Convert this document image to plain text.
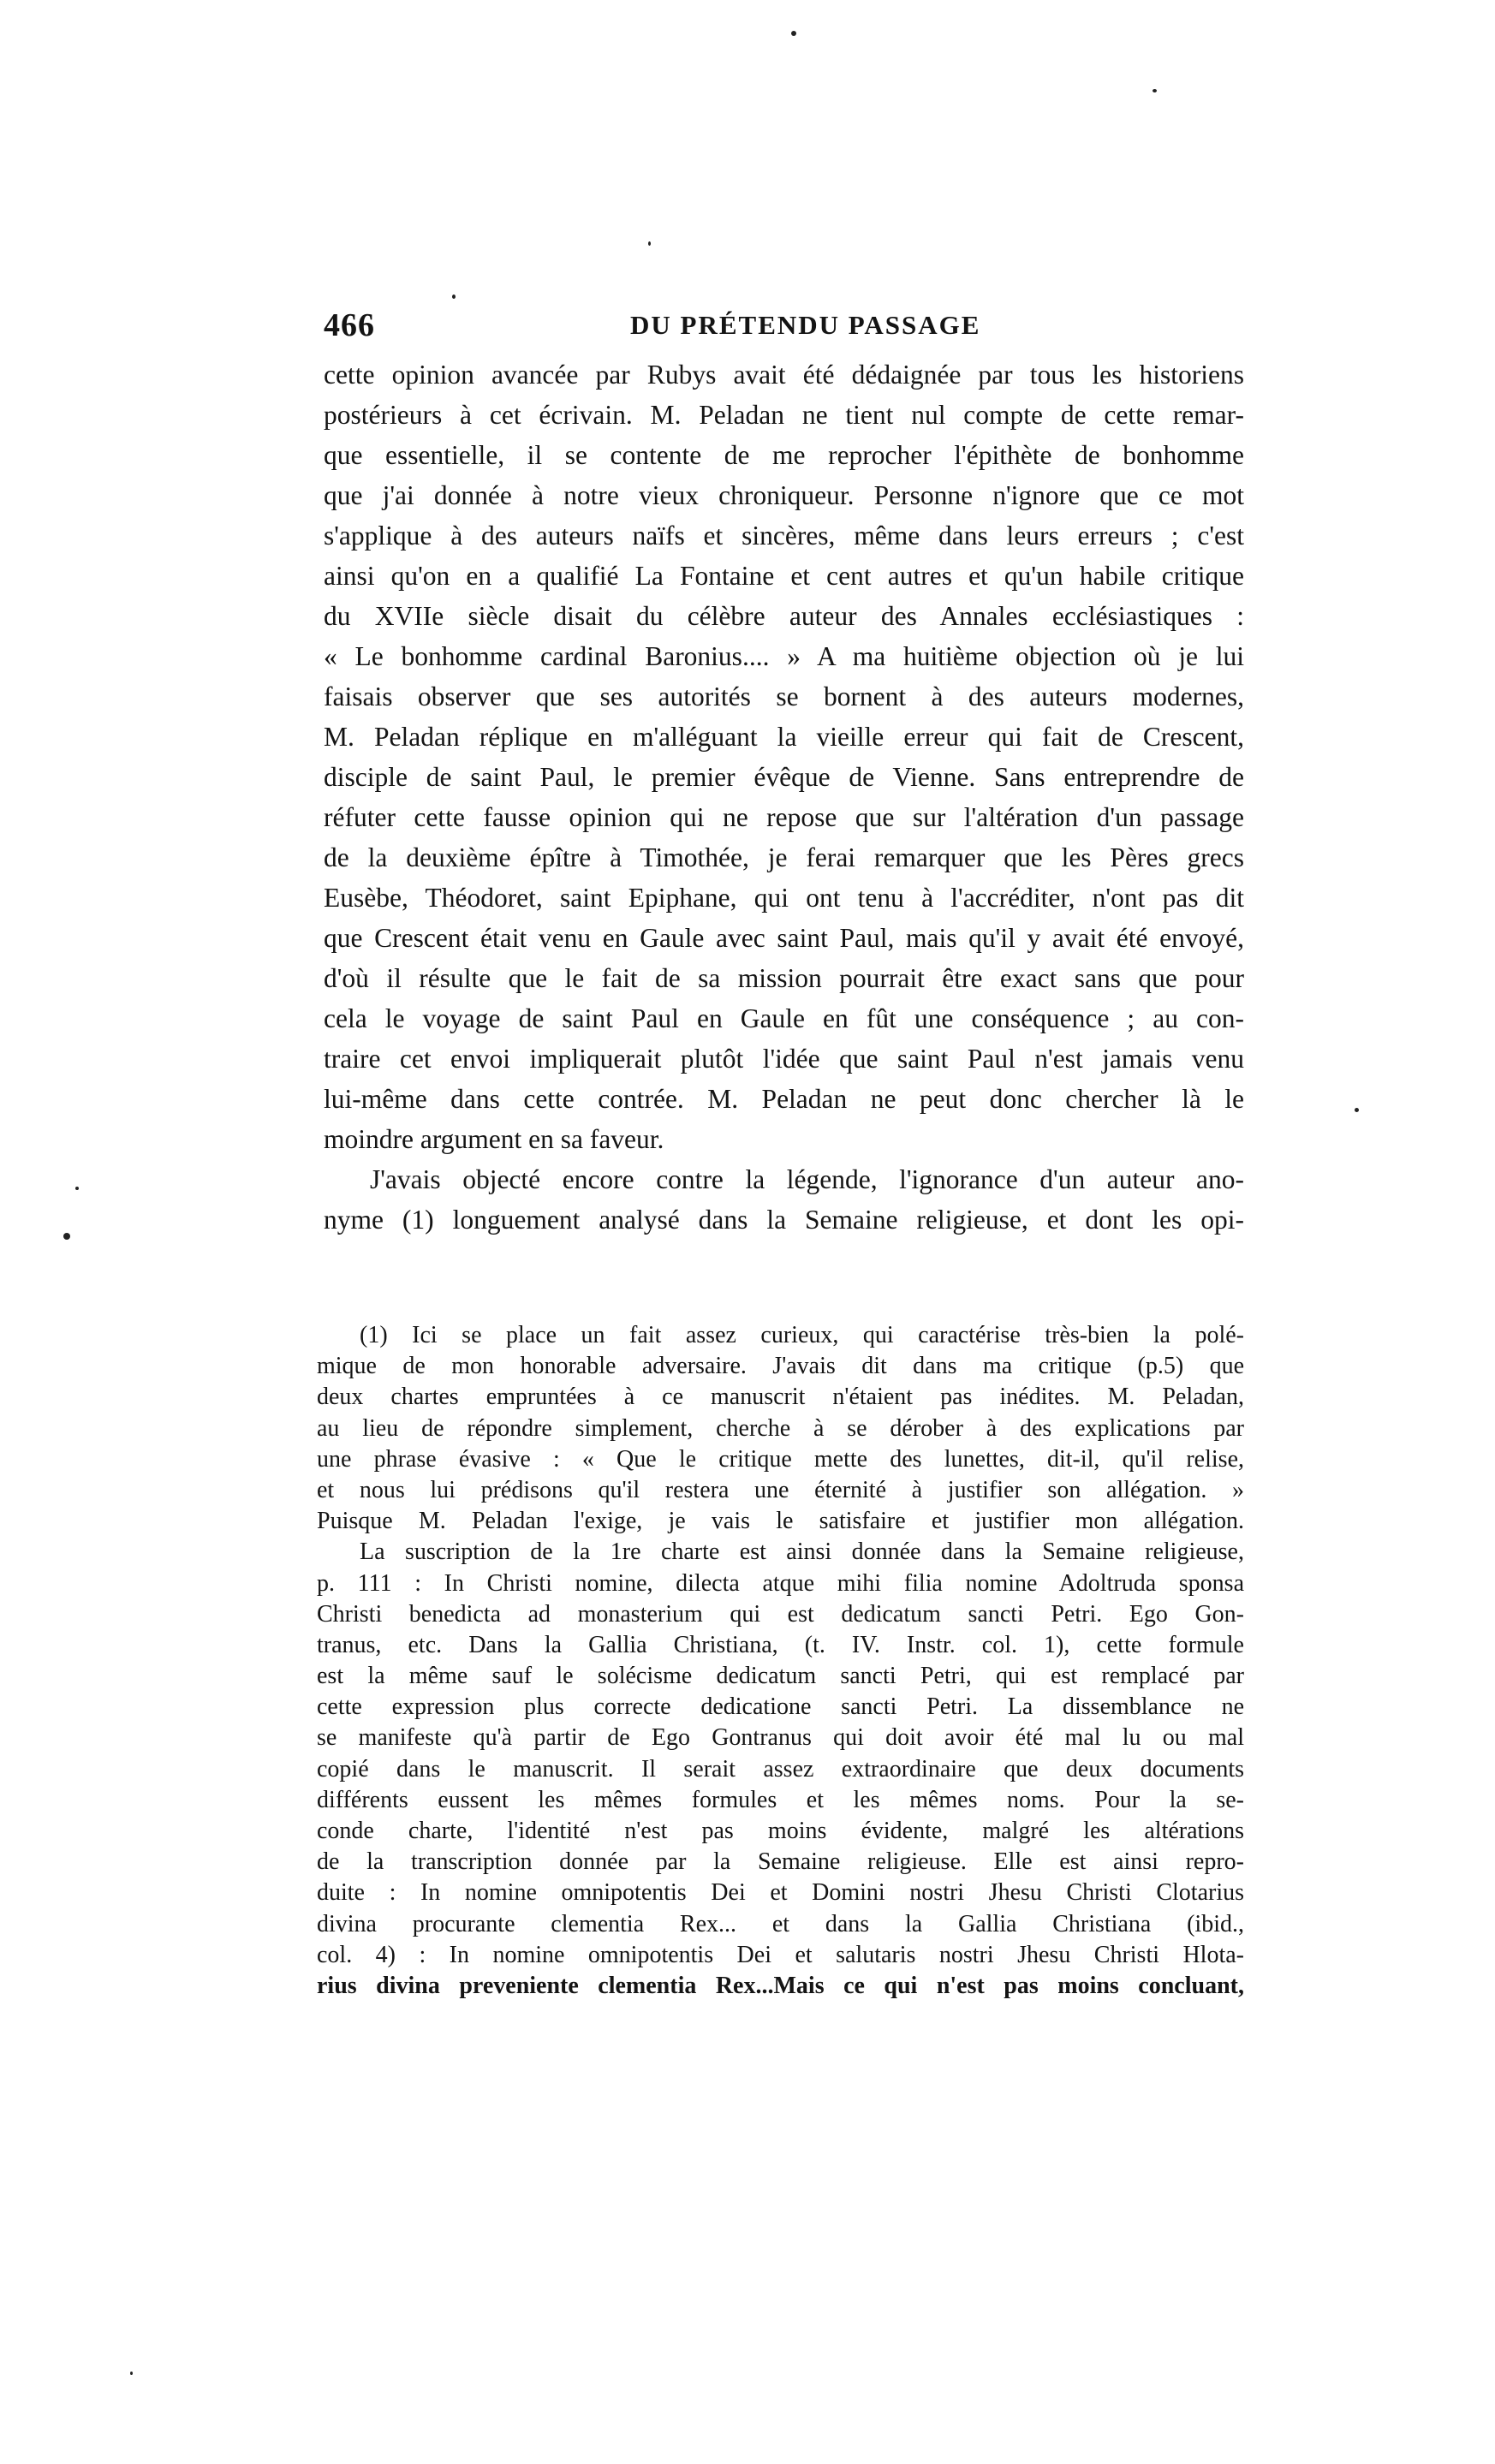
466	DU PRÉTENDU PASSAGE
cette opinion avancée par Rubys avait été dédaignée par tous les historiens
postérieurs à cet écrivain. M. Peladan ne tient nul compte de cette remar-
que essentielle, il se contente de me reprocher l'épithète de bonhomme
que j'ai donnée à notre vieux chroniqueur. Personne n'ignore que ce mot
s'applique à des auteurs naïfs et sincères, même dans leurs erreurs ; c'est
ainsi qu'on en a qualifié La Fontaine et cent autres et qu'un habile critique
du XVIIe siècle disait du célèbre auteur des Annales ecclésiastiques :
« Le bonhomme cardinal Baronius.... » A ma huitième objection où je lui
faisais observer que ses autorités se bornent à des auteurs modernes,
M. Peladan réplique en m'alléguant la vieille erreur qui fait de Crescent,
disciple de saint Paul, le premier évêque de Vienne. Sans entreprendre de
réfuter cette fausse opinion qui ne repose que sur l'altération d'un passage
de la deuxième épître à Timothée, je ferai remarquer que les Pères grecs
Eusèbe, Théodoret, saint Epiphane, qui ont tenu à l'accréditer, n'ont pas dit
que Crescent était venu en Gaule avec saint Paul, mais qu'il y avait été envoyé,
d'où il résulte que le fait de sa mission pourrait être exact sans que pour
cela le voyage de saint Paul en Gaule en fût une conséquence ; au con-
traire cet envoi impliquerait plutôt l'idée que saint Paul n'est jamais venu
lui-même dans cette contrée. M. Peladan ne peut donc chercher là le
moindre argument en sa faveur.
J'avais objecté encore contre la légende, l'ignorance d'un auteur ano-
nyme (1) longuement analysé dans la Semaine religieuse, et dont les opi-
(1) Ici se place un fait assez curieux, qui caractérise très-bien la polé-
mique de mon honorable adversaire. J'avais dit dans ma critique (p.5) que
deux chartes empruntées à ce manuscrit n'étaient pas inédites. M. Peladan,
au lieu de répondre simplement, cherche à se dérober à des explications par
une phrase évasive : « Que le critique mette des lunettes, dit-il, qu'il relise,
et nous lui prédisons qu'il restera une éternité à justifier son allégation. »
Puisque M. Peladan l'exige, je vais le satisfaire et justifier mon allégation.
La suscription de la 1re charte est ainsi donnée dans la Semaine religieuse,
p. 111 : In Christi nomine, dilecta atque mihi filia nomine Adoltruda sponsa
Christi benedicta ad monasterium qui est dedicatum sancti Petri. Ego Gon-
tranus, etc. Dans la Gallia Christiana, (t. IV. Instr. col. 1), cette formule
est la même sauf le solécisme dedicatum sancti Petri, qui est remplacé par
cette expression plus correcte dedicatione sancti Petri. La dissemblance ne
se manifeste qu'à partir de Ego Gontranus qui doit avoir été mal lu ou mal
copié dans le manuscrit. Il serait assez extraordinaire que deux documents
différents eussent les mêmes formules et les mêmes noms. Pour la se-
conde charte, l'identité n'est pas moins évidente, malgré les altérations
de la transcription donnée par la Semaine religieuse. Elle est ainsi repro-
duite : In nomine omnipotentis Dei et Domini nostri Jhesu Christi Clotarius
divina procurante clementia Rex... et dans la Gallia Christiana (ibid.,
col. 4) : In nomine omnipotentis Dei et salutaris nostri Jhesu Christi Hlota-
rius divina preveniente clementia Rex...Mais ce qui n'est pas moins concluant,
